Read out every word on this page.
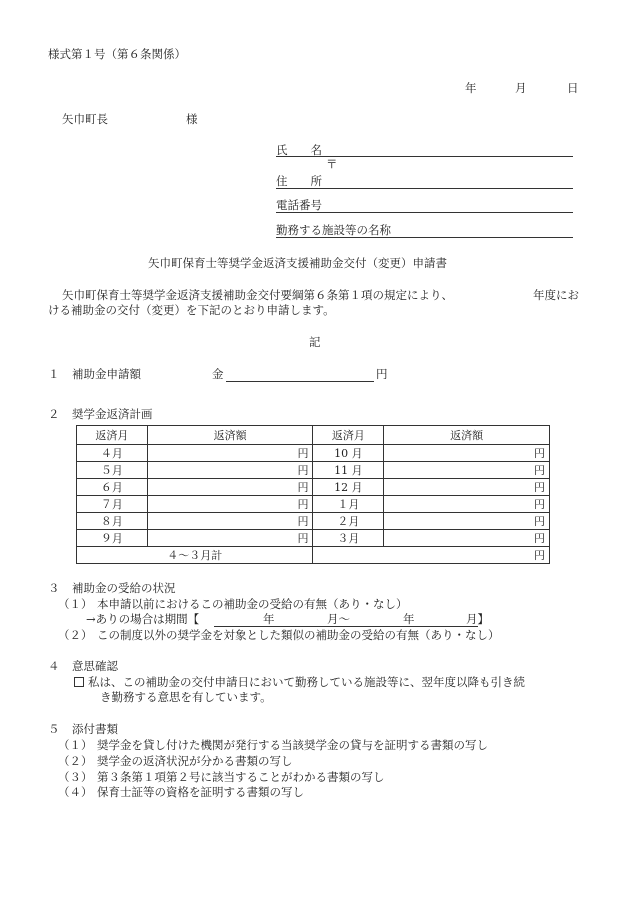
様式第１号（第６条関係）
年	月	日
矢巾町長	様
氏　　名
〒
住　　所
電話番号
勤務する施設等の名称
矢巾町保育士等奨学金返済支援補助金交付（変更）申請書
矢巾町保育士等奨学金返済支援補助金交付要綱第６条第１項の規定により、	年度にお
ける補助金の交付（変更）を下記のとおり申請します。
記
１ 補助金申請額	金	円
２ 奨学金返済計画
返済月	返済額	返済月	返済額
４月	円	10 月	円
５月	円	11 月	円
６月	円	12 月	円
７月	円	１月	円
８月	円	２月	円
９月	円	３月	円
４～３月計		円	
３ 補助金の受給の状況
（１） 本申請以前におけるこの補助金の受給の有無（あり・なし）
→ありの場合は期間【	年	月～	年	月】
（２） この制度以外の奨学金を対象とした類似の補助金の受給の有無（あり・なし）
４ 意思確認
私は、この補助金の交付申請日において勤務している施設等に、翌年度以降も引き続
き勤務する意思を有しています。
５ 添付書類
（１） 奨学金を貸し付けた機関が発行する当該奨学金の貸与を証明する書類の写し
（２） 奨学金の返済状況が分かる書類の写し
（３） 第３条第１項第２号に該当することがわかる書類の写し
（４） 保育士証等の資格を証明する書類の写し
